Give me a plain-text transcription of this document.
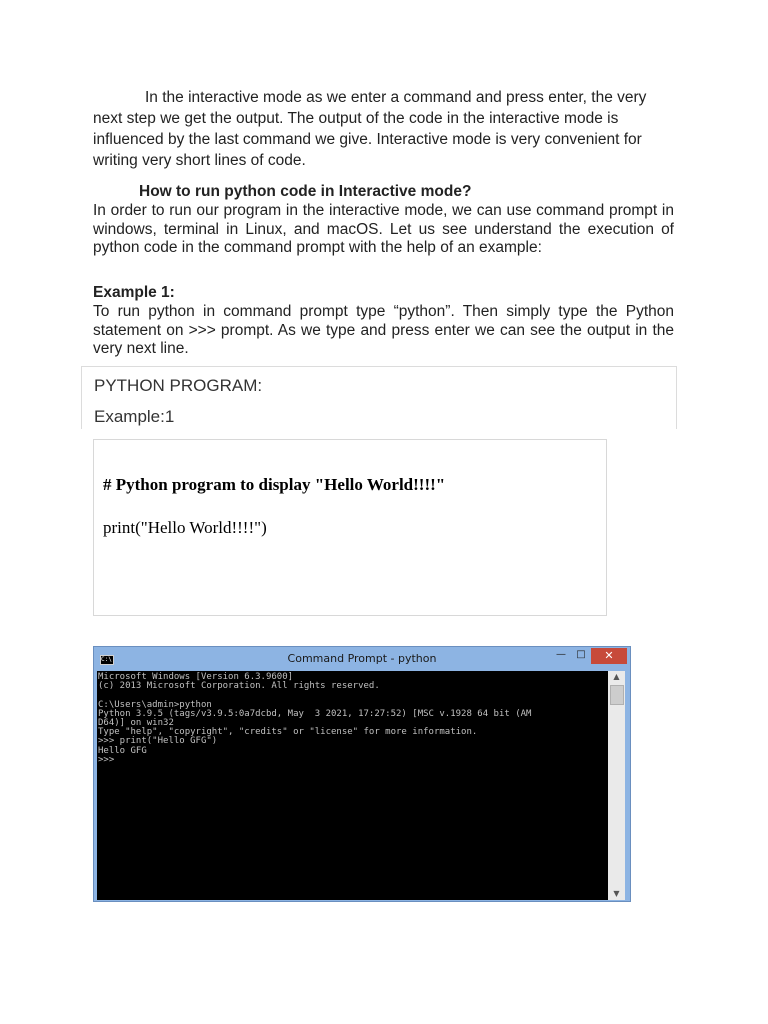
In the interactive mode as we enter a command and press enter, the very next step we get the output. The output of the code in the interactive mode is influenced by the last command we give. Interactive mode is very convenient for writing very short lines of code.

How to run python code in Interactive mode?

In order to run our program in the interactive mode, we can use command prompt in windows, terminal in Linux, and macOS. Let us see understand the execution of python code in the command prompt with the help of an example:

Example 1:

To run python in command prompt type “python”. Then simply type the Python statement on >>> prompt. As we type and press enter we can see the output in the very next line.

PYTHON PROGRAM:
Example:1
# Python program to display "Hello World!!!!"
print("Hello World!!!!")
C:\	Command Prompt - python	—	□	✕
Microsoft Windows [Version 6.3.9600]
(c) 2013 Microsoft Corporation. All rights reserved.

C:\Users\admin>python
Python 3.9.5 (tags/v3.9.5:0a7dcbd, May  3 2021, 17:27:52) [MSC v.1928 64 bit (AM
D64)] on win32
Type "help", "copyright", "credits" or "license" for more information.
>>> print("Hello GFG")
Hello GFG
>>>

▲
▼
